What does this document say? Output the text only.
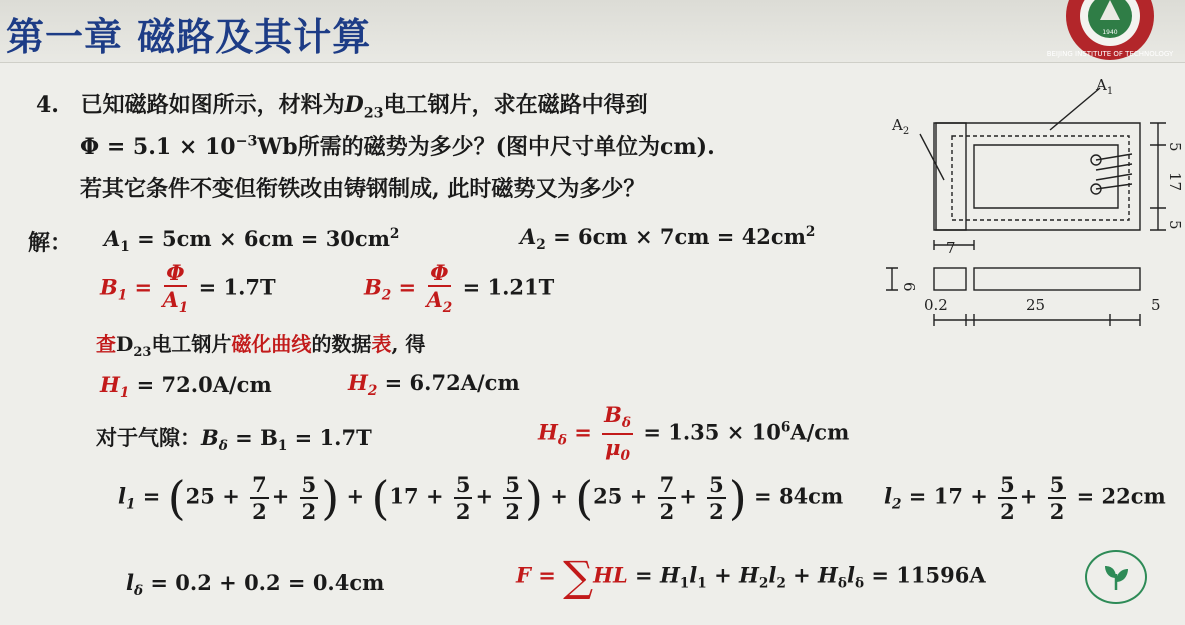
第一章 磁路及其计算	1940
BEIJING INSTITUTE OF TECHNOLOGY
4. 已知磁路如图所示，材料为$D_{23}$电工钢片，求在磁路中得到
$\Phi = 5.1 \times 10^{-3}Wb$所需的磁势为多少？(图中尺寸单位为cm).
若其它条件不变但衔铁改由铸钢制成, 此时磁势又为多少？
解： $A_1 = 5cm \times 6cm = 30cm^2$	$A_2 = 6cm \times 7cm = 42cm^2$
$B_1 = \frac{\Phi}{A_1} = 1.7T$	$B_2 = \frac{\Phi}{A_2} = 1.21T$
查$D_{23}$电工钢片磁化曲线的数据表, 得
$H_1 = 72.0A/cm$	$H_2 = 6.72A/cm$
对于气隙：$B_\delta = B_1 = 1.7T$	$H_\delta = \frac{B_\delta}{\mu_0} = 1.35 \times 10^6A/cm$
$l_1 = (25 + \frac{7}{2} + \frac{5}{2}$ ) + ($17 + \frac{5}{2} + \frac{5}{2}$ ) + ($25 + \frac{7}{2} + \frac{5}{2}$ ) = 84cm $l_2 = 17 + \frac{5}{2} + \frac{5}{2} = 22cm$
$l_\delta = 0.2 + 0.2 = 0.4cm$	$F = \sum HL = H_1l_1 + H_2l_2 + H_\delta l_\delta = 11596A$
$A_1$
$A_2$
5
17
5
7
6
0.2	25	5
